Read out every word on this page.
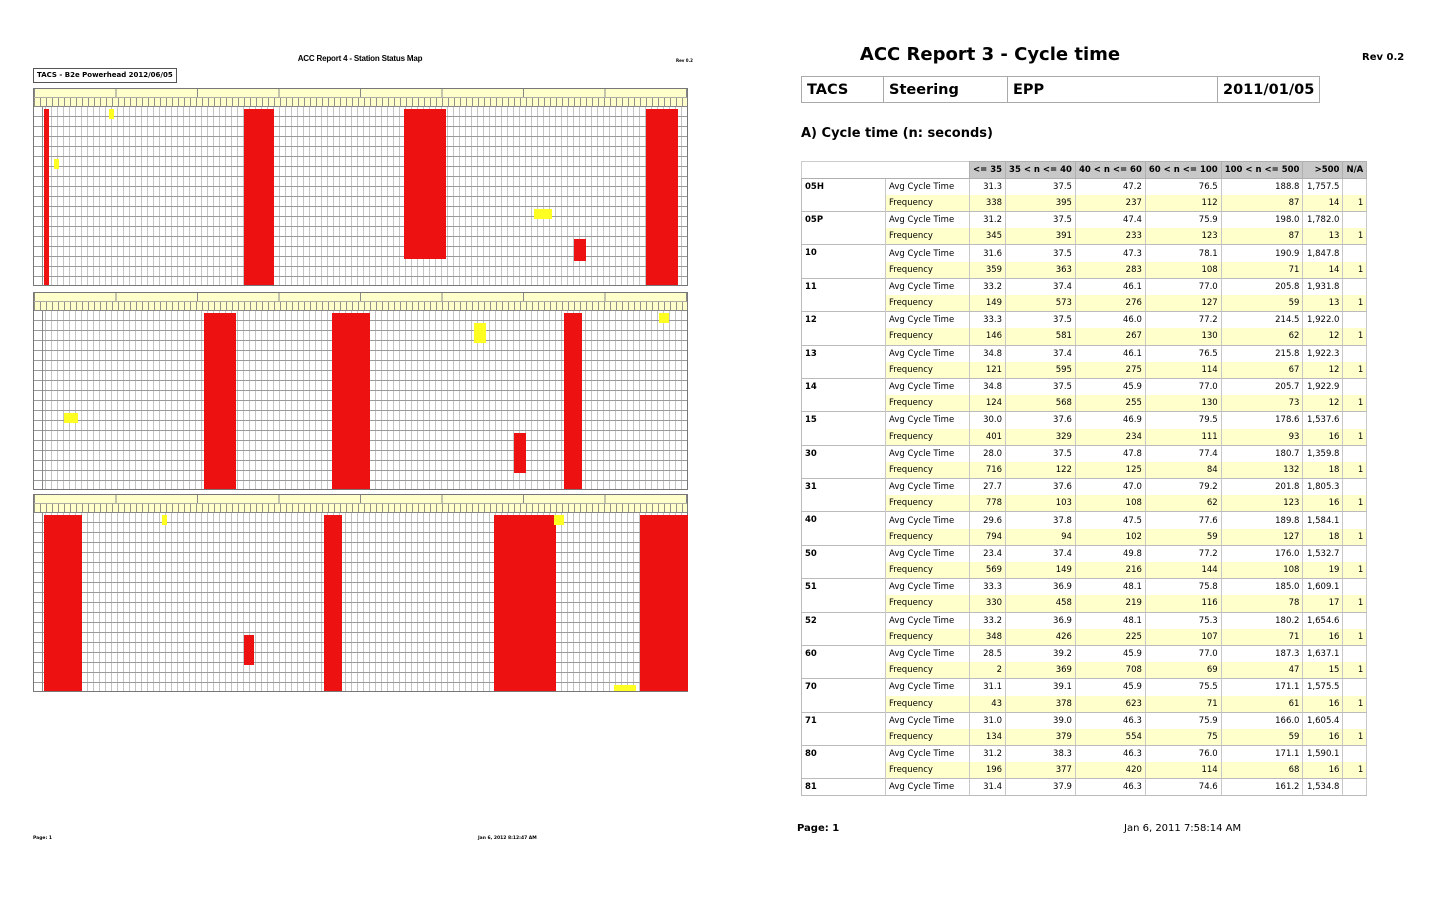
ACC Report 4 - Station Status Map	Rev 0.2
TACS - B2e Powerhead 2012/06/05
Page: 1	Jan 6, 2012 8:12:47 AM
ACC Report 3 - Cycle time	Rev 0.2
TACS	Steering	EPP	2011/01/05
A) Cycle time (n: seconds)
		<= 35	35 < n <= 40	40 < n <= 60	60 < n <= 100	100 < n <= 500	>500	N/A
05H	Avg Cycle Time	31.3	37.5	47.2	76.5	188.8	1,757.5	
	Frequency	338	395	237	112	87	14	1
05P	Avg Cycle Time	31.2	37.5	47.4	75.9	198.0	1,782.0	
	Frequency	345	391	233	123	87	13	1
10	Avg Cycle Time	31.6	37.5	47.3	78.1	190.9	1,847.8	
	Frequency	359	363	283	108	71	14	1
11	Avg Cycle Time	33.2	37.4	46.1	77.0	205.8	1,931.8	
	Frequency	149	573	276	127	59	13	1
12	Avg Cycle Time	33.3	37.5	46.0	77.2	214.5	1,922.0	
	Frequency	146	581	267	130	62	12	1
13	Avg Cycle Time	34.8	37.4	46.1	76.5	215.8	1,922.3	
	Frequency	121	595	275	114	67	12	1
14	Avg Cycle Time	34.8	37.5	45.9	77.0	205.7	1,922.9	
	Frequency	124	568	255	130	73	12	1
15	Avg Cycle Time	30.0	37.6	46.9	79.5	178.6	1,537.6	
	Frequency	401	329	234	111	93	16	1
30	Avg Cycle Time	28.0	37.5	47.8	77.4	180.7	1,359.8	
	Frequency	716	122	125	84	132	18	1
31	Avg Cycle Time	27.7	37.6	47.0	79.2	201.8	1,805.3	
	Frequency	778	103	108	62	123	16	1
40	Avg Cycle Time	29.6	37.8	47.5	77.6	189.8	1,584.1	
	Frequency	794	94	102	59	127	18	1
50	Avg Cycle Time	23.4	37.4	49.8	77.2	176.0	1,532.7	
	Frequency	569	149	216	144	108	19	1
51	Avg Cycle Time	33.3	36.9	48.1	75.8	185.0	1,609.1	
	Frequency	330	458	219	116	78	17	1
52	Avg Cycle Time	33.2	36.9	48.1	75.3	180.2	1,654.6	
	Frequency	348	426	225	107	71	16	1
60	Avg Cycle Time	28.5	39.2	45.9	77.0	187.3	1,637.1	
	Frequency	2	369	708	69	47	15	1
70	Avg Cycle Time	31.1	39.1	45.9	75.5	171.1	1,575.5	
	Frequency	43	378	623	71	61	16	1
71	Avg Cycle Time	31.0	39.0	46.3	75.9	166.0	1,605.4	
	Frequency	134	379	554	75	59	16	1
80	Avg Cycle Time	31.2	38.3	46.3	76.0	171.1	1,590.1	
	Frequency	196	377	420	114	68	16	1
81	Avg Cycle Time	31.4	37.9	46.3	74.6	161.2	1,534.8	
Page: 1	Jan 6, 2011 7:58:14 AM
